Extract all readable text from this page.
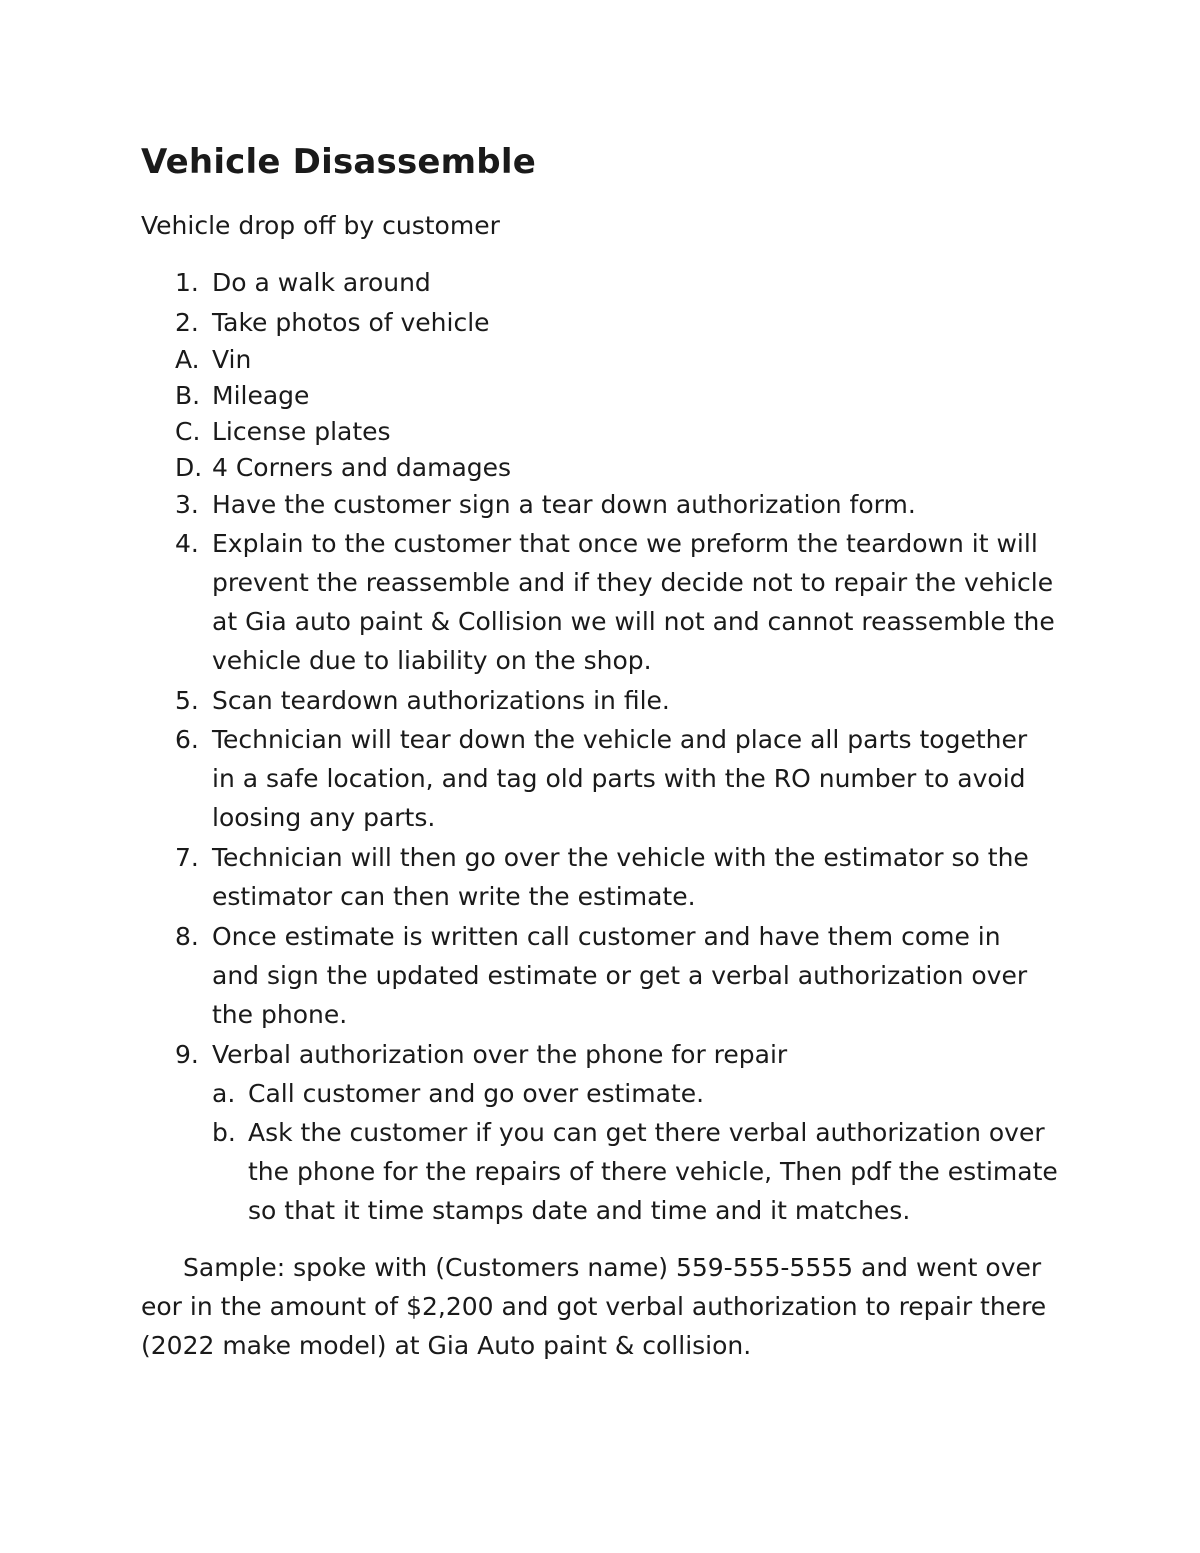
Vehicle Disassemble
Vehicle drop off by customer
1. Do a walk around
2. Take photos of vehicle
A. Vin
B. Mileage
C. License plates
D. 4 Corners and damages
3. Have the customer sign a tear down authorization form.
4. Explain to the customer that once we preform the teardown it will prevent the reassemble and if they decide not to repair the vehicle at Gia auto paint & Collision we will not and cannot reassemble the vehicle due to liability on the shop.
5. Scan teardown authorizations in file.
6. Technician will tear down the vehicle and place all parts together in a safe location, and tag old parts with the RO number to avoid loosing any parts.
7. Technician will then go over the vehicle with the estimator so the estimator can then write the estimate.
8. Once estimate is written call customer and have them come in and sign the updated estimate or get a verbal authorization over the phone.
9. Verbal authorization over the phone for repair
a. Call customer and go over estimate.
b. Ask the customer if you can get there verbal authorization over the phone for the repairs of there vehicle, Then pdf the estimate so that it time stamps date and time and it matches.
Sample: spoke with (Customers name) 559-555-5555 and went over eor in the amount of $2,200 and got verbal authorization to repair there (2022 make model) at Gia Auto paint & collision.
